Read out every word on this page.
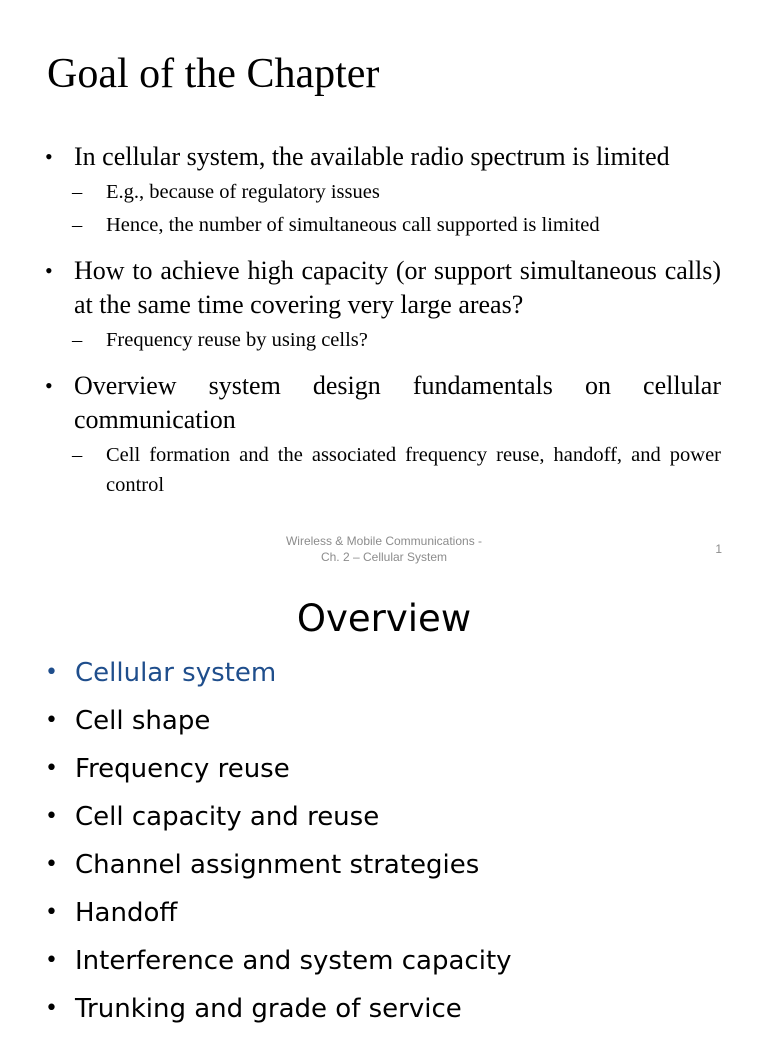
Goal of the Chapter
• In cellular system, the available radio spectrum is limited
– E.g., because of regulatory issues
– Hence, the number of simultaneous call supported is limited
• How to achieve high capacity (or support simultaneous calls) at the same time covering very large areas?
– Frequency reuse by using cells?
• Overview system design fundamentals on cellular communication
– Cell formation and the associated frequency reuse, handoff, and power control
Wireless & Mobile Communications -
Ch. 2 – Cellular System
1
Overview
• Cellular system
• Cell shape
• Frequency reuse
• Cell capacity and reuse
• Channel assignment strategies
• Handoff
• Interference and system capacity
• Trunking and grade of service
